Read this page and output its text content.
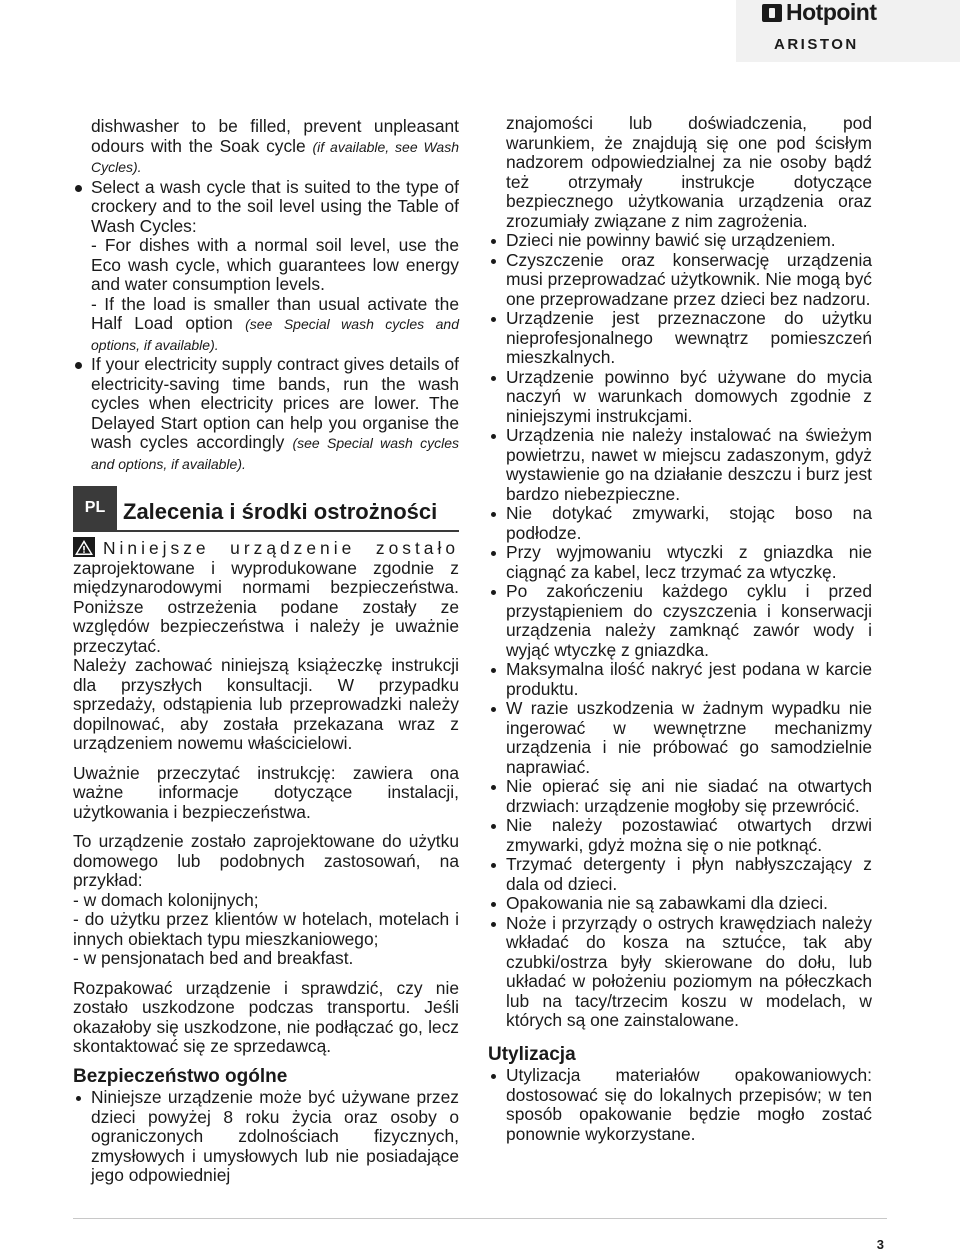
Hotpoint
ARISTON

dishwasher to be filled, prevent unpleasant odours with the Soak cycle (if available, see Wash Cycles).

Select a wash cycle that is suited to the type of crockery and to the soil level using the Table of Wash Cycles:
- For dishes with a normal soil level, use the Eco wash cycle, which guarantees low energy and water consumption levels.
- If the load is smaller than usual activate the Half Load option (see Special wash cycles and options, if available).
If your electricity supply contract gives details of electricity-saving time bands, run the wash cycles when electricity prices are lower. The Delayed Start option can help you organise the wash cycles accordingly (see Special wash cycles and options, if available).
PL Zalecenia i środki ostrożności

Niniejsze urządzenie zostało zaprojektowane i wyprodukowane zgodnie z międzynarodowymi normami bezpieczeństwa. Poniższe ostrzeżenia podane zostały ze względów bezpieczeństwa i należy je uważnie przeczytać.

Należy zachować niniejszą książeczkę instrukcji dla przyszłych konsultacji. W przypadku sprzedaży, odstąpienia lub przeprowadzki należy dopilnować, aby została przekazana wraz z urządzeniem nowemu właścicielowi.

Uważnie przeczytać instrukcję: zawiera ona ważne informacje dotyczące instalacji, użytkowania i bezpieczeństwa.

To urządzenie zostało zaprojektowane do użytku domowego lub podobnych zastosowań, na przykład:
- w domach kolonijnych;
- do użytku przez klientów w hotelach, motelach i innych obiektach typu mieszkaniowego;
- w pensjonatach bed and breakfast.

Rozpakować urządzenie i sprawdzić, czy nie zostało uszkodzone podczas transportu. Jeśli okazałoby się uszkodzone, nie podłączać go, lecz skontaktować się ze sprzedawcą.

Bezpieczeństwo ogólne
Niniejsze urządzenie może być używane przez dzieci powyżej 8 roku życia oraz osoby o ograniczonych zdolnościach fizycznych, zmysłowych i umysłowych lub nie posiadające jego odpowiedniej

znajomości lub doświadczenia, pod warunkiem, że znajdują się one pod ścisłym nadzorem odpowiedzialnej za nie osoby bądź też otrzymały instrukcje dotyczące bezpiecznego użytkowania urządzenia oraz zrozumiały związane z nim zagrożenia.

Dzieci nie powinny bawić się urządzeniem.
Czyszczenie oraz konserwację urządzenia musi przeprowadzać użytkownik. Nie mogą być one przeprowadzane przez dzieci bez nadzoru.
Urządzenie jest przeznaczone do użytku nieprofesjonalnego wewnątrz pomieszczeń mieszkalnych.
Urządzenie powinno być używane do mycia naczyń w warunkach domowych zgodnie z niniejszymi instrukcjami.
Urządzenia nie należy instalować na świeżym powietrzu, nawet w miejscu zadaszonym, gdyż wystawienie go na działanie deszczu i burz jest bardzo niebezpieczne.
Nie dotykać zmywarki, stojąc boso na podłodze.
Przy wyjmowaniu wtyczki z gniazdka nie ciągnąć za kabel, lecz trzymać za wtyczkę.
Po zakończeniu każdego cyklu i przed przystąpieniem do czyszczenia i konserwacji urządzenia należy zamknąć zawór wody i wyjąć wtyczkę z gniazdka.
Maksymalna ilość nakryć jest podana w karcie produktu.
W razie uszkodzenia w żadnym wypadku nie ingerować w wewnętrzne mechanizmy urządzenia i nie próbować go samodzielnie naprawiać.
Nie opierać się ani nie siadać na otwartych drzwiach: urządzenie mogłoby się przewrócić.
Nie należy pozostawiać otwartych drzwi zmywarki, gdyż można się o nie potknąć.
Trzymać detergenty i płyn nabłyszczający z dala od dzieci.
Opakowania nie są zabawkami dla dzieci.
Noże i przyrządy o ostrych krawędziach należy wkładać do kosza na sztućce, tak aby czubki/ostrza były skierowane do dołu, lub układać w położeniu poziomym na półeczkach lub na tacy/trzecim koszu w modelach, w których są one zainstalowane.
Utylizacja
Utylizacja materiałów opakowaniowych: dostosować się do lokalnych przepisów; w ten sposób opakowanie będzie mogło zostać ponownie wykorzystane.
3
